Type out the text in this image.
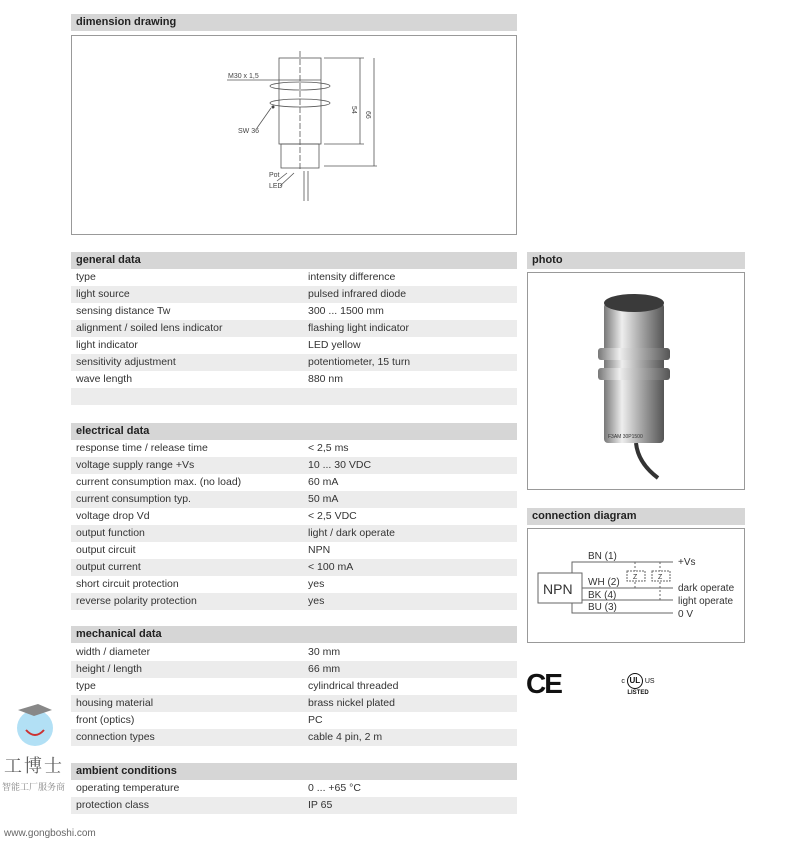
dimension drawing
M30 x 1,5
SW 36
54
66
Pot
LED
general data
type	intensity difference
light source	pulsed infrared diode
sensing distance Tw	300 ... 1500 mm
alignment / soiled lens indicator	flashing light indicator
light indicator	LED yellow
sensitivity adjustment	potentiometer, 15 turn
wave length	880 nm
electrical data
response time / release time	< 2,5 ms
voltage supply range +Vs	10 ... 30 VDC
current consumption max. (no load)	60 mA
current consumption typ.	50 mA
voltage drop Vd	< 2,5 VDC
output function	light / dark operate
output circuit	NPN
output current	< 100 mA
short circuit protection	yes
reverse polarity protection	yes
mechanical data
width / diameter	30 mm
height / length	66 mm
type	cylindrical threaded
housing material	brass nickel plated
front (optics)	PC
connection types	cable 4 pin, 2 m
ambient conditions
operating temperature	0 ... +65 °C
protection class	IP 65
photo
F3AM 30P1500
connection diagram
NPN
BN (1)
WH (2)
BK (4)
BU (3)
Z	Z
+Vs
dark operate
light operate
0 V
CE	c UL US
LISTED
工博士
智能工厂服务商
www.gongboshi.com
